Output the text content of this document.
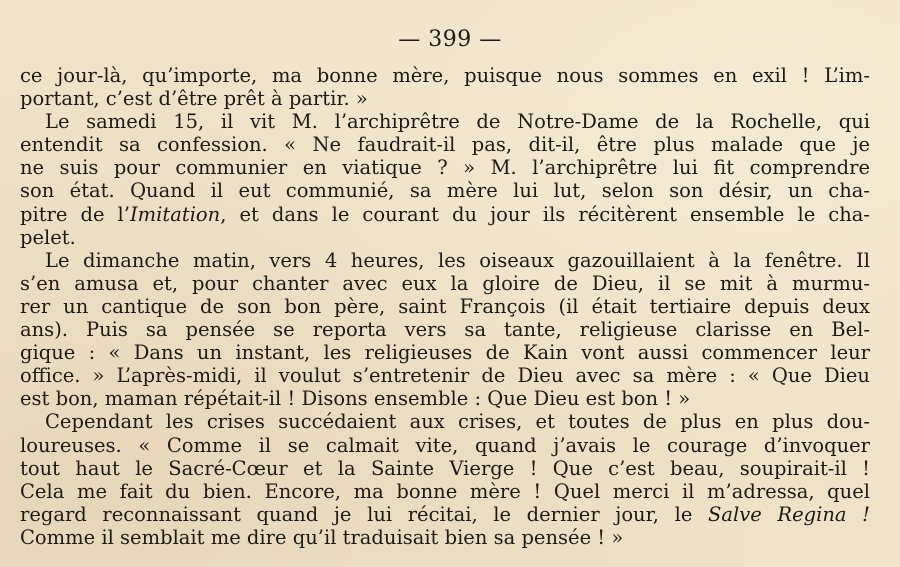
— 399 —
ce jour-là, qu’importe, ma bonne mère, puisque nous sommes en exil ! L’im-
portant, c’est d’être prêt à partir. »
Le samedi 15, il vit M. l’archiprêtre de Notre-Dame de la Rochelle, qui
entendit sa confession. « Ne faudrait-il pas, dit-il, être plus malade que je
ne suis pour communier en viatique ? » M. l’archiprêtre lui fit comprendre
son état. Quand il eut communié, sa mère lui lut, selon son désir, un cha-
pitre de l’Imitation, et dans le courant du jour ils récitèrent ensemble le cha-
pelet.
Le dimanche matin, vers 4 heures, les oiseaux gazouillaient à la fenêtre. Il
s’en amusa et, pour chanter avec eux la gloire de Dieu, il se mit à murmu-
rer un cantique de son bon père, saint François (il était tertiaire depuis deux
ans). Puis sa pensée se reporta vers sa tante, religieuse clarisse en Bel-
gique : « Dans un instant, les religieuses de Kain vont aussi commencer leur
office. » L’après-midi, il voulut s’entretenir de Dieu avec sa mère : « Que Dieu
est bon, maman répétait-il ! Disons ensemble : Que Dieu est bon ! »
Cependant les crises succédaient aux crises, et toutes de plus en plus dou-
loureuses. « Comme il se calmait vite, quand j’avais le courage d’invoquer
tout haut le Sacré-Cœur et la Sainte Vierge ! Que c’est beau, soupirait-il !
Cela me fait du bien. Encore, ma bonne mère ! Quel merci il m’adressa, quel
regard reconnaissant quand je lui récitai, le dernier jour, le Salve Regina !
Comme il semblait me dire qu’il traduisait bien sa pensée ! »
